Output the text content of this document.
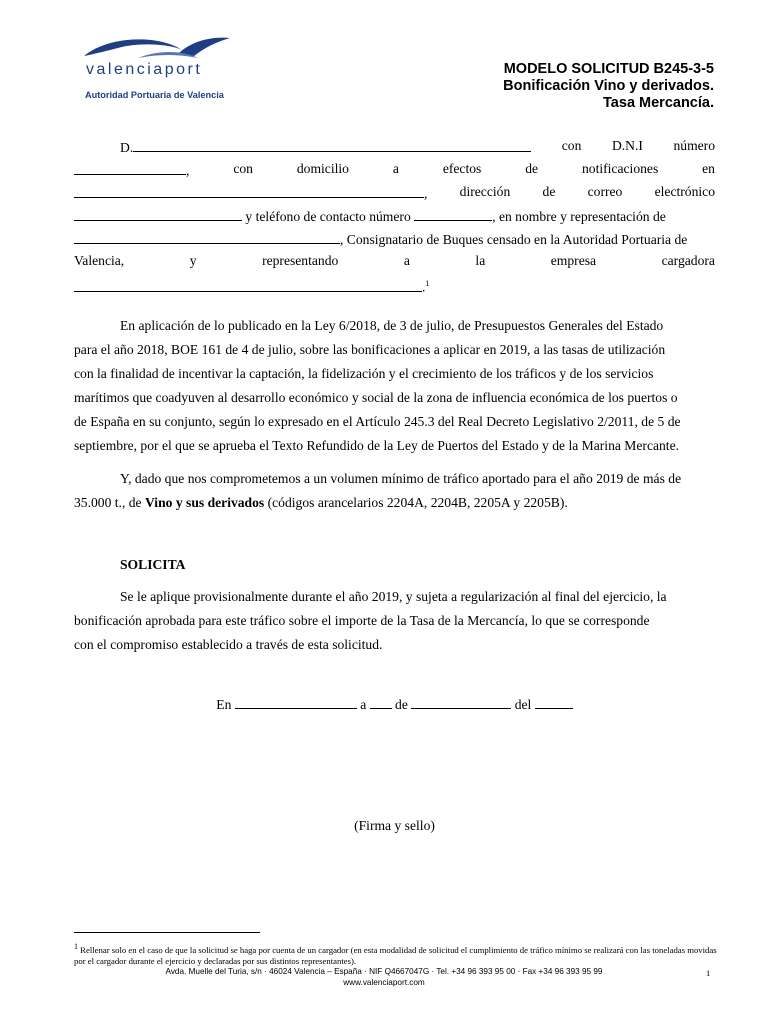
valenciaport
Autoridad Portuaria de Valencia
MODELO SOLICITUD B245-3-5
Bonificación Vino y derivados.
Tasa Mercancía.
D.	con D.N.I número
,	con	domicilio	a	efectos	de	notificaciones	en
, dirección de correo electrónico
y teléfono de contacto número	, en nombre y representación de
, Consignatario de Buques censado en la Autoridad Portuaria de
Valencia,	y	representando	a	la	empresa	cargadora
.$^1$
En aplicación de lo publicado en la Ley 6/2018, de 3 de julio, de Presupuestos Generales del Estado
para el año 2018, BOE 161 de 4 de julio, sobre las bonificaciones a aplicar en 2019, a las tasas de utilización
con la finalidad de incentivar la captación, la fidelización y el crecimiento de los tráficos y de los servicios
marítimos que coadyuven al desarrollo económico y social de la zona de influencia económica de los puertos o
de España en su conjunto, según lo expresado en el Artículo 245.3 del Real Decreto Legislativo 2/2011, de 5 de
septiembre, por el que se aprueba el Texto Refundido de la Ley de Puertos del Estado y de la Marina Mercante.
Y, dado que nos comprometemos a un volumen mínimo de tráfico aportado para el año 2019 de más de
35.000 t., de Vino y sus derivados (códigos arancelarios 2204A, 2204B, 2205A y 2205B).
SOLICITA
Se le aplique provisionalmente durante el año 2019, y sujeta a regularización al final del ejercicio, la
bonificación aprobada para este tráfico sobre el importe de la Tasa de la Mercancía, lo que se corresponde
con el compromiso establecido a través de esta solicitud.
En	a de	del
(Firma y sello)
1 Rellenar solo en el caso de que la solicitud se haga por cuenta de un cargador (en esta modalidad de solicitud el cumplimiento de tráfico mínimo se realizará con las toneladas movidas por el cargador durante el ejercicio y declaradas por sus distintos representantes).
Avda. Muelle del Turia, s/n · 46024 Valencia – España · NIF Q4667047G · Tel. +34 96 393 95 00 · Fax +34 96 393 95 99
www.valenciaport.com
1
